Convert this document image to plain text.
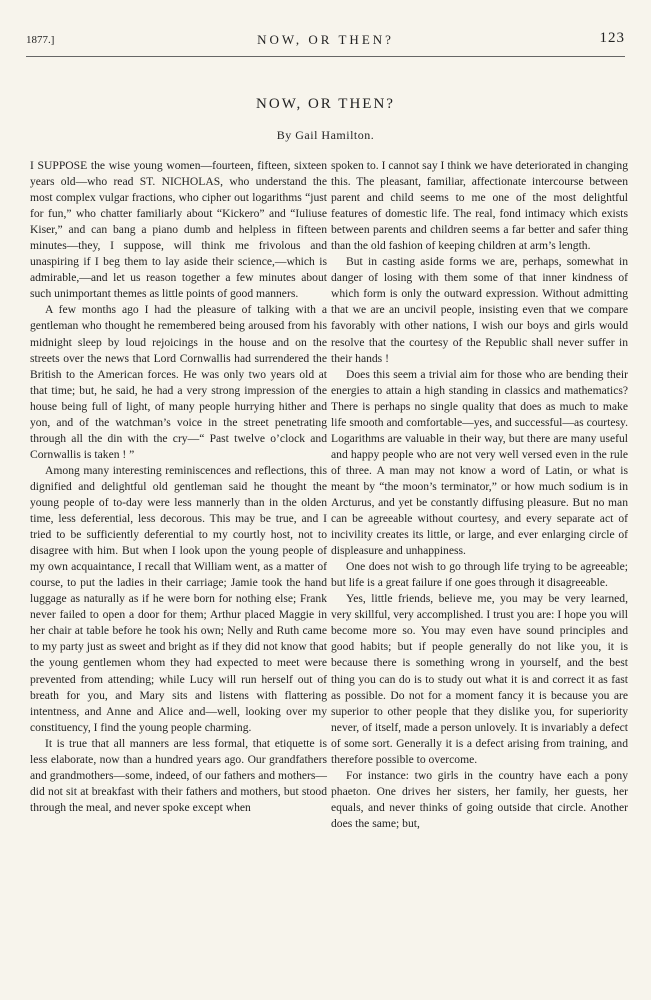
1877.]	NOW, OR THEN?	123
NOW, OR THEN?
By Gail Hamilton.

I SUPPOSE the wise young women—fourteen, fifteen, sixteen years old—who read ST. NICHOLAS, who understand the most complex vulgar fractions, who cipher out logarithms “just for fun,” who chatter familiarly about “Kickero” and “Iuliuse Kiser,” and can bang a piano dumb and helpless in fifteen minutes—they, I suppose, will think me frivolous and unaspiring if I beg them to lay aside their science,—which is admirable,—and let us reason together a few minutes about such unimportant themes as little points of good manners.

A few months ago I had the pleasure of talking with a gentleman who thought he remembered being aroused from his midnight sleep by loud rejoicings in the house and on the streets over the news that Lord Cornwallis had surrendered the British to the American forces. He was only two years old at that time; but, he said, he had a very strong impression of the house being full of light, of many people hurrying hither and yon, and of the watchman’s voice in the street penetrating through all the din with the cry—“ Past twelve o’clock and Cornwallis is taken ! ”

Among many interesting reminiscences and reflections, this dignified and delightful old gentleman said he thought the young people of to-day were less mannerly than in the olden time, less deferential, less decorous. This may be true, and I tried to be sufficiently deferential to my courtly host, not to disagree with him. But when I look upon the young people of my own acquaintance, I recall that William went, as a matter of course, to put the ladies in their carriage; Jamie took the hand luggage as naturally as if he were born for nothing else; Frank never failed to open a door for them; Arthur placed Maggie in her chair at table before he took his own; Nelly and Ruth came to my party just as sweet and bright as if they did not know that the young gentlemen whom they had expected to meet were prevented from attending; while Lucy will run herself out of breath for you, and Mary sits and listens with flattering intentness, and Anne and Alice and—well, looking over my constituency, I find the young people charming.

It is true that all manners are less formal, that etiquette is less elaborate, now than a hundred years ago. Our grandfathers and grandmothers—some, indeed, of our fathers and mothers—did not sit at breakfast with their fathers and mothers, but stood through the meal, and never spoke except when

spoken to. I cannot say I think we have deteriorated in changing this. The pleasant, familiar, affectionate intercourse between parent and child seems to me one of the most delightful features of domestic life. The real, fond intimacy which exists between parents and children seems a far better and safer thing than the old fashion of keeping children at arm’s length.

But in casting aside forms we are, perhaps, somewhat in danger of losing with them some of that inner kindness of which form is only the outward expression. Without admitting that we are an uncivil people, insisting even that we compare favorably with other nations, I wish our boys and girls would resolve that the courtesy of the Republic shall never suffer in their hands !

Does this seem a trivial aim for those who are bending their energies to attain a high standing in classics and mathematics? There is perhaps no single quality that does as much to make life smooth and comfortable—yes, and successful—as courtesy. Logarithms are valuable in their way, but there are many useful and happy people who are not very well versed even in the rule of three. A man may not know a word of Latin, or what is meant by “the moon’s terminator,” or how much sodium is in Arcturus, and yet be constantly diffusing pleasure. But no man can be agreeable without courtesy, and every separate act of incivility creates its little, or large, and ever enlarging circle of displeasure and unhappiness.

One does not wish to go through life trying to be agreeable; but life is a great failure if one goes through it disagreeable.

Yes, little friends, believe me, you may be very learned, very skillful, very accomplished. I trust you are: I hope you will become more so. You may even have sound principles and good habits; but if people generally do not like you, it is because there is something wrong in yourself, and the best thing you can do is to study out what it is and correct it as fast as possible. Do not for a moment fancy it is because you are superior to other people that they dislike you, for superiority never, of itself, made a person unlovely. It is invariably a defect of some sort. Generally it is a defect arising from training, and therefore possible to overcome.

For instance: two girls in the country have each a pony phaeton. One drives her sisters, her family, her guests, her equals, and never thinks of going outside that circle. Another does the same; but,
